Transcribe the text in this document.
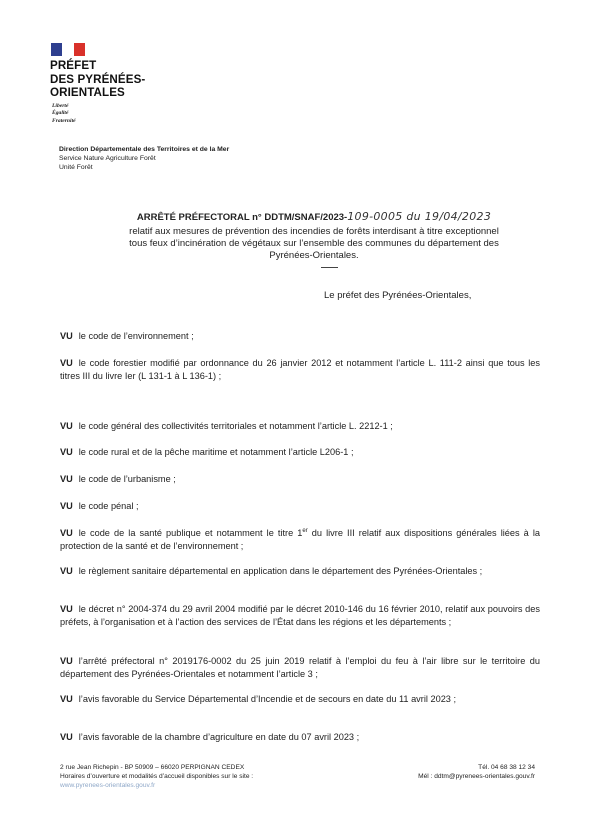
PRÉFET
DES PYRÉNÉES-
ORIENTALES
Liberté
Égalité
Fraternité
Direction Départementale des Territoires et de la Mer
Service Nature Agriculture Forêt
Unité Forêt
ARRÊTÉ PRÉFECTORAL n° DDTM/SNAF/2023-109-0005 du 19/04/2023
relatif aux mesures de prévention des incendies de forêts interdisant à titre exceptionnel
tous feux d’incinération de végétaux sur l’ensemble des communes du département des
Pyrénées-Orientales.
Le préfet des Pyrénées-Orientales,
VU le code de l’environnement ;
VU le code forestier modifié par ordonnance du 26 janvier 2012 et notamment l’article L. 111-2 ainsi que tous les titres III du livre Ier (L 131-1 à L 136-1) ;
VU le code général des collectivités territoriales et notamment l’article L. 2212-1 ;
VU le code rural et de la pêche maritime et notamment l’article L206-1 ;
VU le code de l’urbanisme ;
VU le code pénal ;
VU le code de la santé publique et notamment le titre 1er du livre III relatif aux dispositions générales liées à la protection de la santé et de l’environnement ;
VU le règlement sanitaire départemental en application dans le département des Pyrénées-Orientales ;
VU le décret n° 2004-374 du 29 avril 2004 modifié par le décret 2010-146 du 16 février 2010, relatif aux pouvoirs des préfets, à l’organisation et à l’action des services de l’État dans les régions et les départements ;
VU l’arrêté préfectoral n° 2019176-0002 du 25 juin 2019 relatif à l’emploi du feu à l’air libre sur le territoire du département des Pyrénées-Orientales et notamment l’article 3 ;
VU l’avis favorable du Service Départemental d’Incendie et de secours en date du 11 avril 2023 ;
VU l’avis favorable de la chambre d’agriculture en date du 07 avril 2023 ;
2 rue Jean Richepin - BP 50909 – 66020 PERPIGNAN CEDEX
Horaires d’ouverture et modalités d’accueil disponibles sur le site :
www.pyrenees-orientales.gouv.fr
Tél. 04 68 38 12 34
Mél : ddtm@pyrenees-orientales.gouv.fr
